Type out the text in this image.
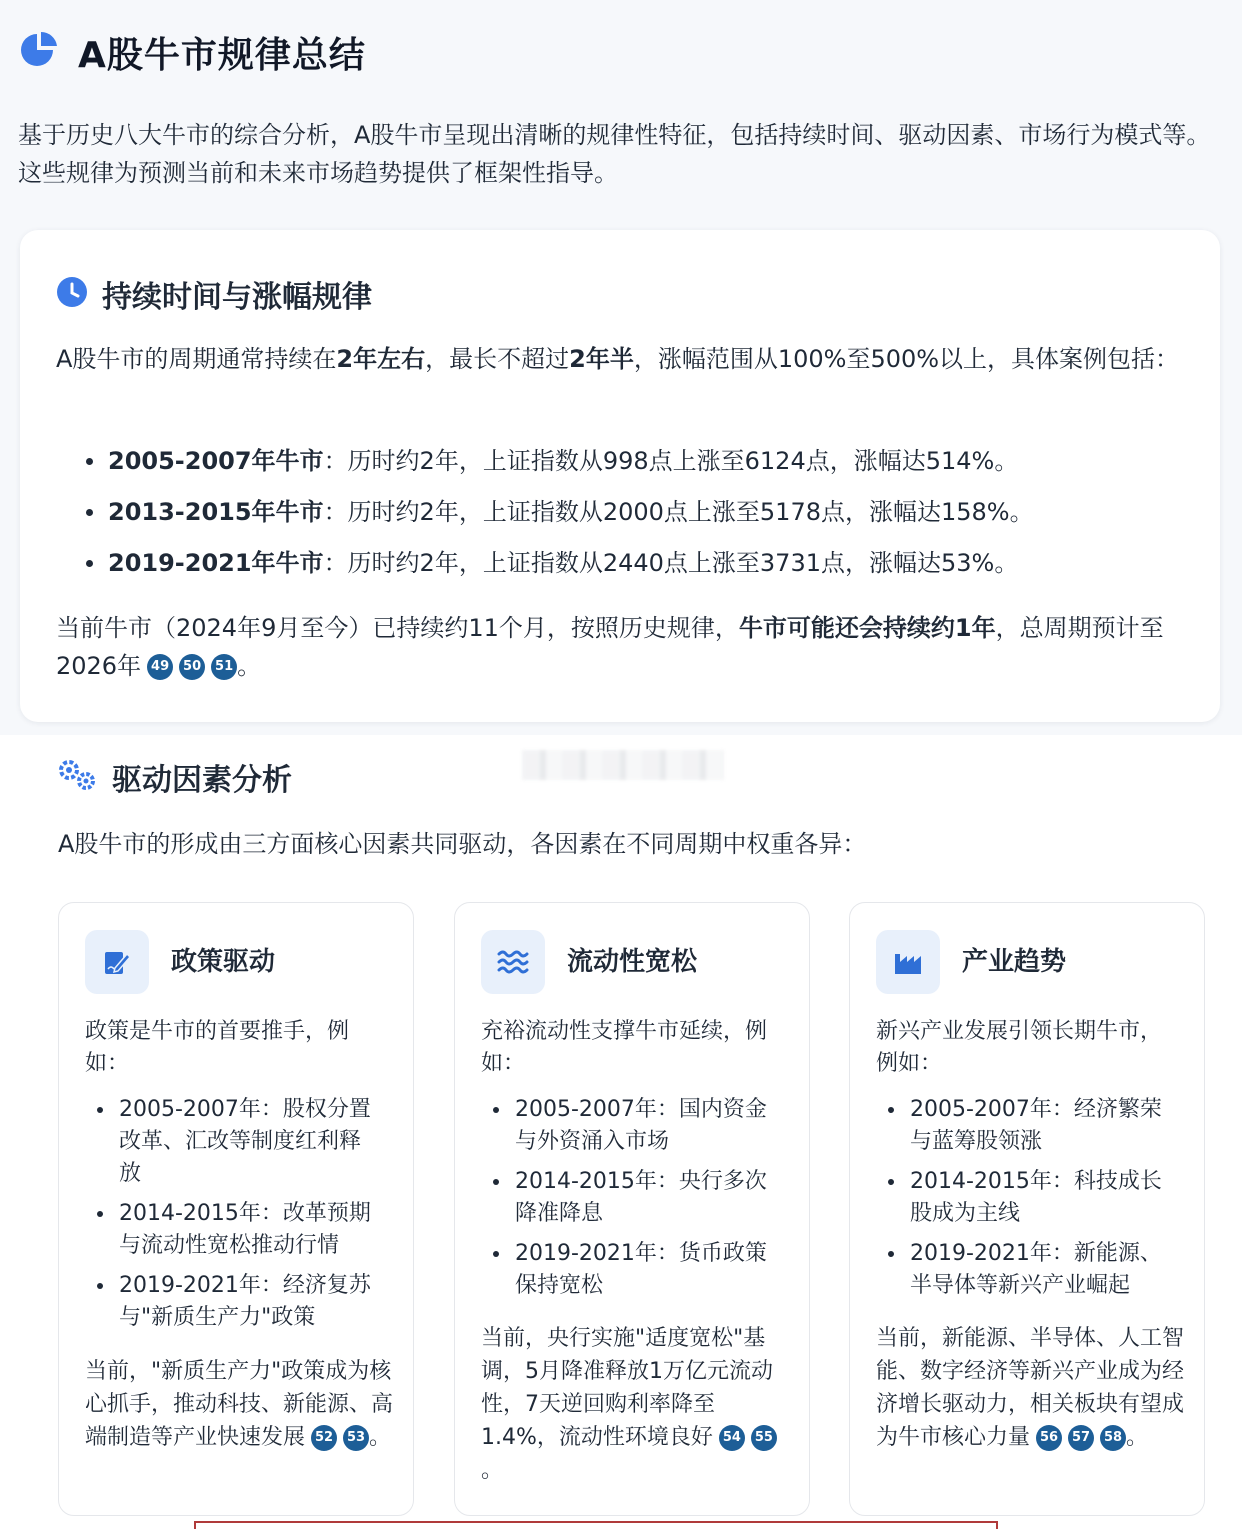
A股牛市规律总结

基于历史八大牛市的综合分析，A股牛市呈现出清晰的规律性特征，包括持续时间、驱动因素、市场行为模式等。这些规律为预测当前和未来市场趋势提供了框架性指导。

持续时间与涨幅规律

A股牛市的周期通常持续在2年左右，最长不超过2年半，涨幅范围从100%至500%以上，具体案例包括：

2005-2007年牛市：历时约2年，上证指数从998点上涨至6124点，涨幅达514%。
2013-2015年牛市：历时约2年，上证指数从2000点上涨至5178点，涨幅达158%。
2019-2021年牛市：历时约2年，上证指数从2440点上涨至3731点，涨幅达53%。

当前牛市（2024年9月至今）已持续约11个月，按照历史规律，牛市可能还会持续约1年，总周期预计至2026年 49 50 51 。

驱动因素分析

A股牛市的形成由三方面核心因素共同驱动，各因素在不同周期中权重各异：

政策驱动

政策是牛市的首要推手，例如：

2005-2007年：股权分置改革、汇改等制度红利释放
2014-2015年：改革预期与流动性宽松推动行情
2019-2021年：经济复苏与"新质生产力"政策

当前，"新质生产力"政策成为核心抓手，推动科技、新能源、高端制造等产业快速发展 52 53 。

流动性宽松

充裕流动性支撑牛市延续，例如：

2005-2007年：国内资金与外资涌入市场
2014-2015年：央行多次降准降息
2019-2021年：货币政策保持宽松

当前，央行实施"适度宽松"基调，5月降准释放1万亿元流动性，7天逆回购利率降至1.4%，流动性环境良好 54 55。

产业趋势

新兴产业发展引领长期牛市，例如：

2005-2007年：经济繁荣与蓝筹股领涨
2014-2015年：科技成长股成为主线
2019-2021年：新能源、半导体等新兴产业崛起

当前，新能源、半导体、人工智能、数字经济等新兴产业成为经济增长驱动力，相关板块有望成为牛市核心力量 56 57 58 。
